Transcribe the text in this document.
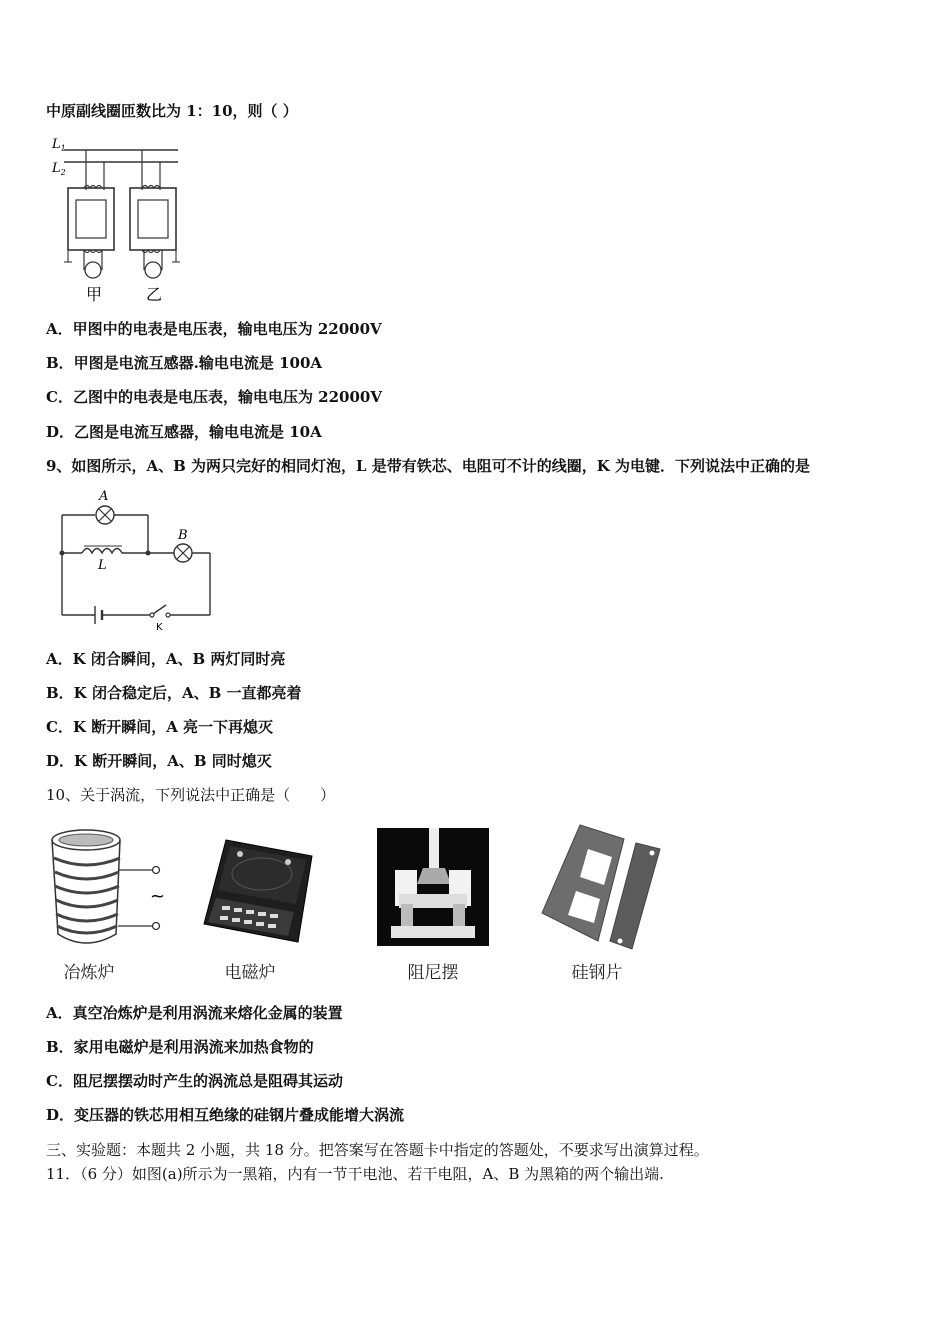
中原副线圈匝数比为 1：10，则（ ）
$L_1$
$L_2$
甲	乙
A．甲图中的电表是电压表，输电电压为 22000V
B．甲图是电流互感器.输电电流是 100A
C．乙图中的电表是电压表，输电电压为 22000V
D．乙图是电流互感器，输电电流是 10A
9、如图所示，A、B 为两只完好的相同灯泡，L 是带有铁芯、电阻可不计的线圈，K 为电键．下列说法中正确的是
A
L
B
K
A．K 闭合瞬间，A、B 两灯同时亮
B．K 闭合稳定后，A、B 一直都亮着
C．K 断开瞬间，A 亮一下再熄灭
D．K 断开瞬间，A、B 同时熄灭
10、关于涡流，下列说法中正确是（　　）
~
冶炼炉	电磁炉	阻尼摆	硅钢片
A．真空冶炼炉是利用涡流来熔化金属的装置
B．家用电磁炉是利用涡流来加热食物的
C．阻尼摆摆动时产生的涡流总是阻碍其运动
D．变压器的铁芯用相互绝缘的硅钢片叠成能增大涡流
三、实验题：本题共 2 小题，共 18 分。把答案写在答题卡中指定的答题处，不要求写出演算过程。
11．（6 分）如图(a)所示为一黑箱，内有一节干电池、若干电阻，A、B 为黑箱的两个输出端.
